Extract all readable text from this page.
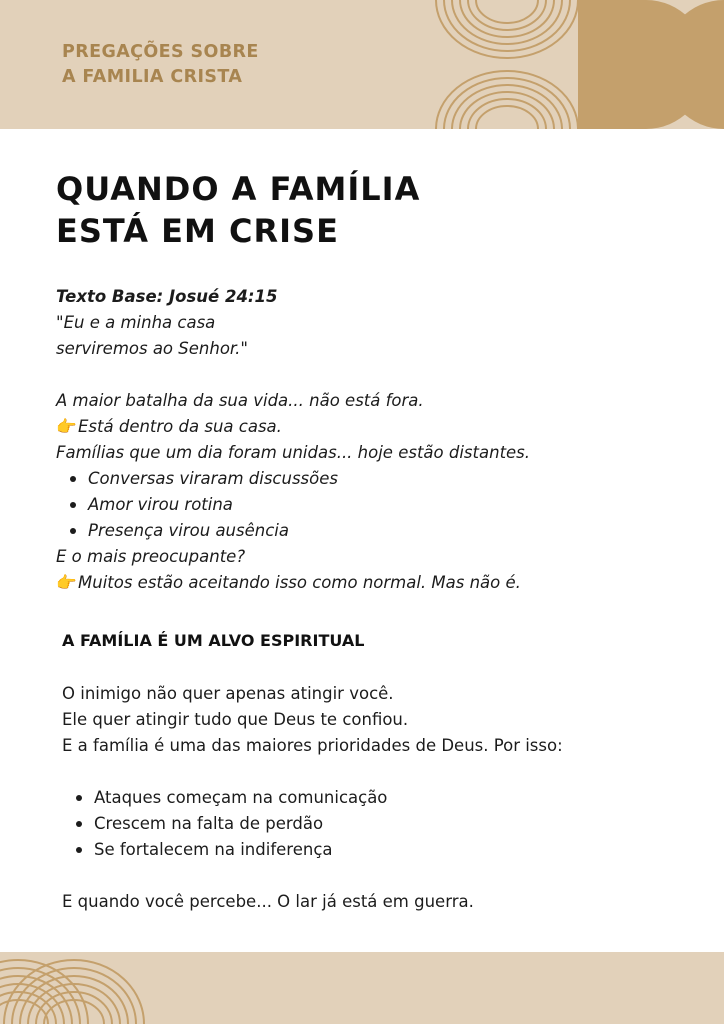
PREGAÇÕES SOBRE
A FAMILIA CRISTA
QUANDO A FAMÍLIA
ESTÁ EM CRISE
Texto Base: Josué 24:15
"Eu e a minha casa
serviremos ao Senhor."
A maior batalha da sua vida... não está fora.
👉Está dentro da sua casa.
Famílias que um dia foram unidas... hoje estão distantes.
Conversas viraram discussões
Amor virou rotina
Presença virou ausência
E o mais preocupante?
👉Muitos estão aceitando isso como normal. Mas não é.
A FAMÍLIA É UM ALVO ESPIRITUAL
O inimigo não quer apenas atingir você.
Ele quer atingir tudo que Deus te confiou.
E a família é uma das maiores prioridades de Deus. Por isso:
Ataques começam na comunicação
Crescem na falta de perdão
Se fortalecem na indiferença
E quando você percebe... O lar já está em guerra.
